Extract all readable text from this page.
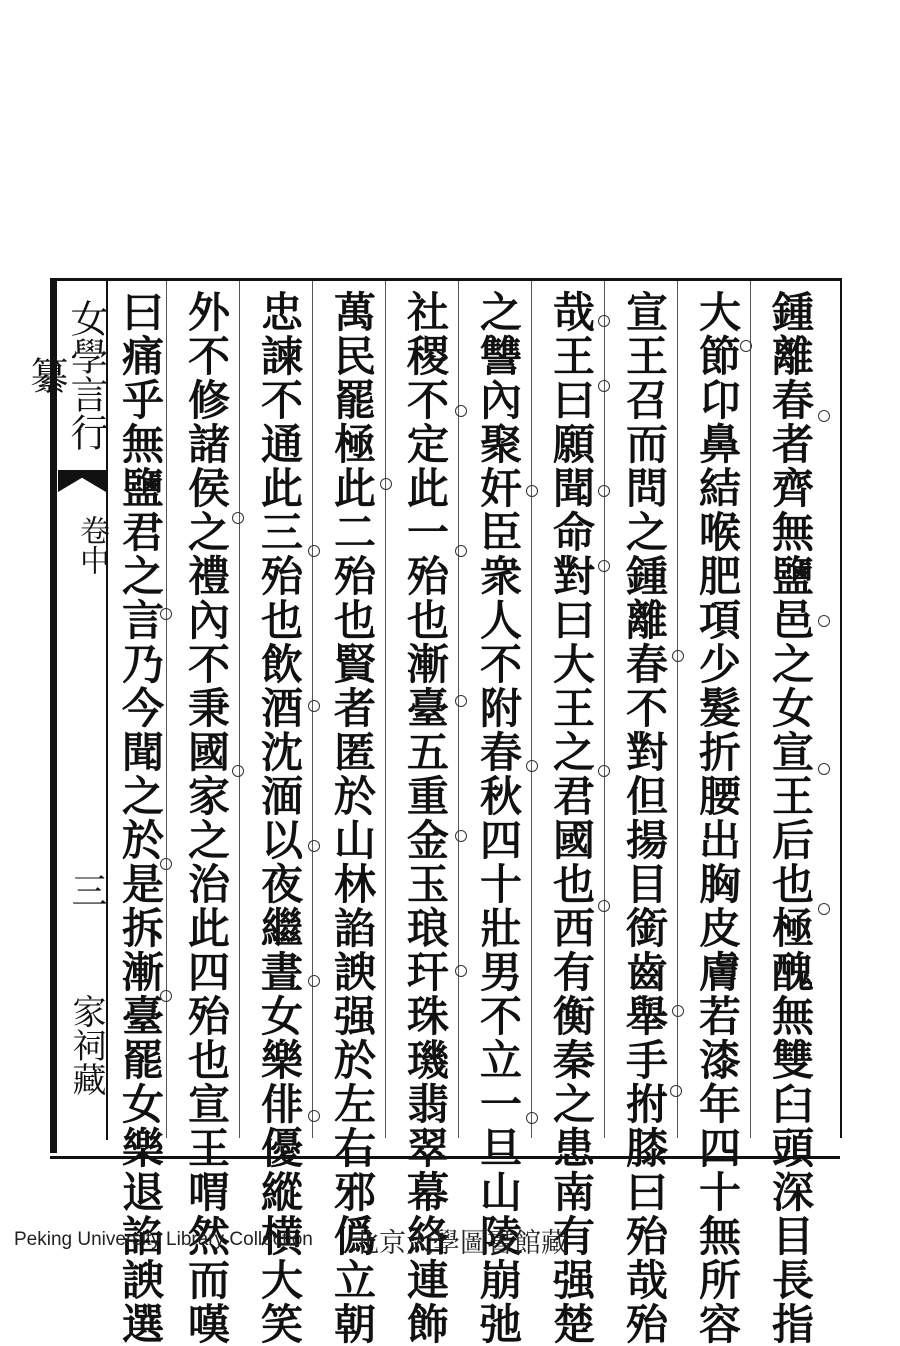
女學言行纂
卷中
三
家祠藏	鍾離春者齊無鹽邑之女宣王后也極醜無雙臼頭深目長指
大節卬鼻結喉肥項少髮折腰出胸皮膚若漆年四十無所容
宣王召而問之鍾離春不對但揚目銜齒舉手拊膝曰殆哉殆
哉王曰願聞命對曰大王之君國也西有衡秦之患南有强楚
之讐內聚奸臣衆人不附春秋四十壯男不立一旦山陵崩弛
社稷不定此一殆也漸臺五重金玉琅玕珠璣翡翠幕絡連飾
萬民罷極此二殆也賢者匿於山林諂諛强於左右邪僞立朝
忠諫不通此三殆也飲酒沈湎以夜繼晝女樂俳優縱横大笑
外不修諸侯之禮內不秉國家之治此四殆也宣王喟然而嘆
曰痛乎無鹽君之言乃今聞之於是拆漸臺罷女樂退諂諛選
Peking University Library Collection 北京大學圖書館藏
